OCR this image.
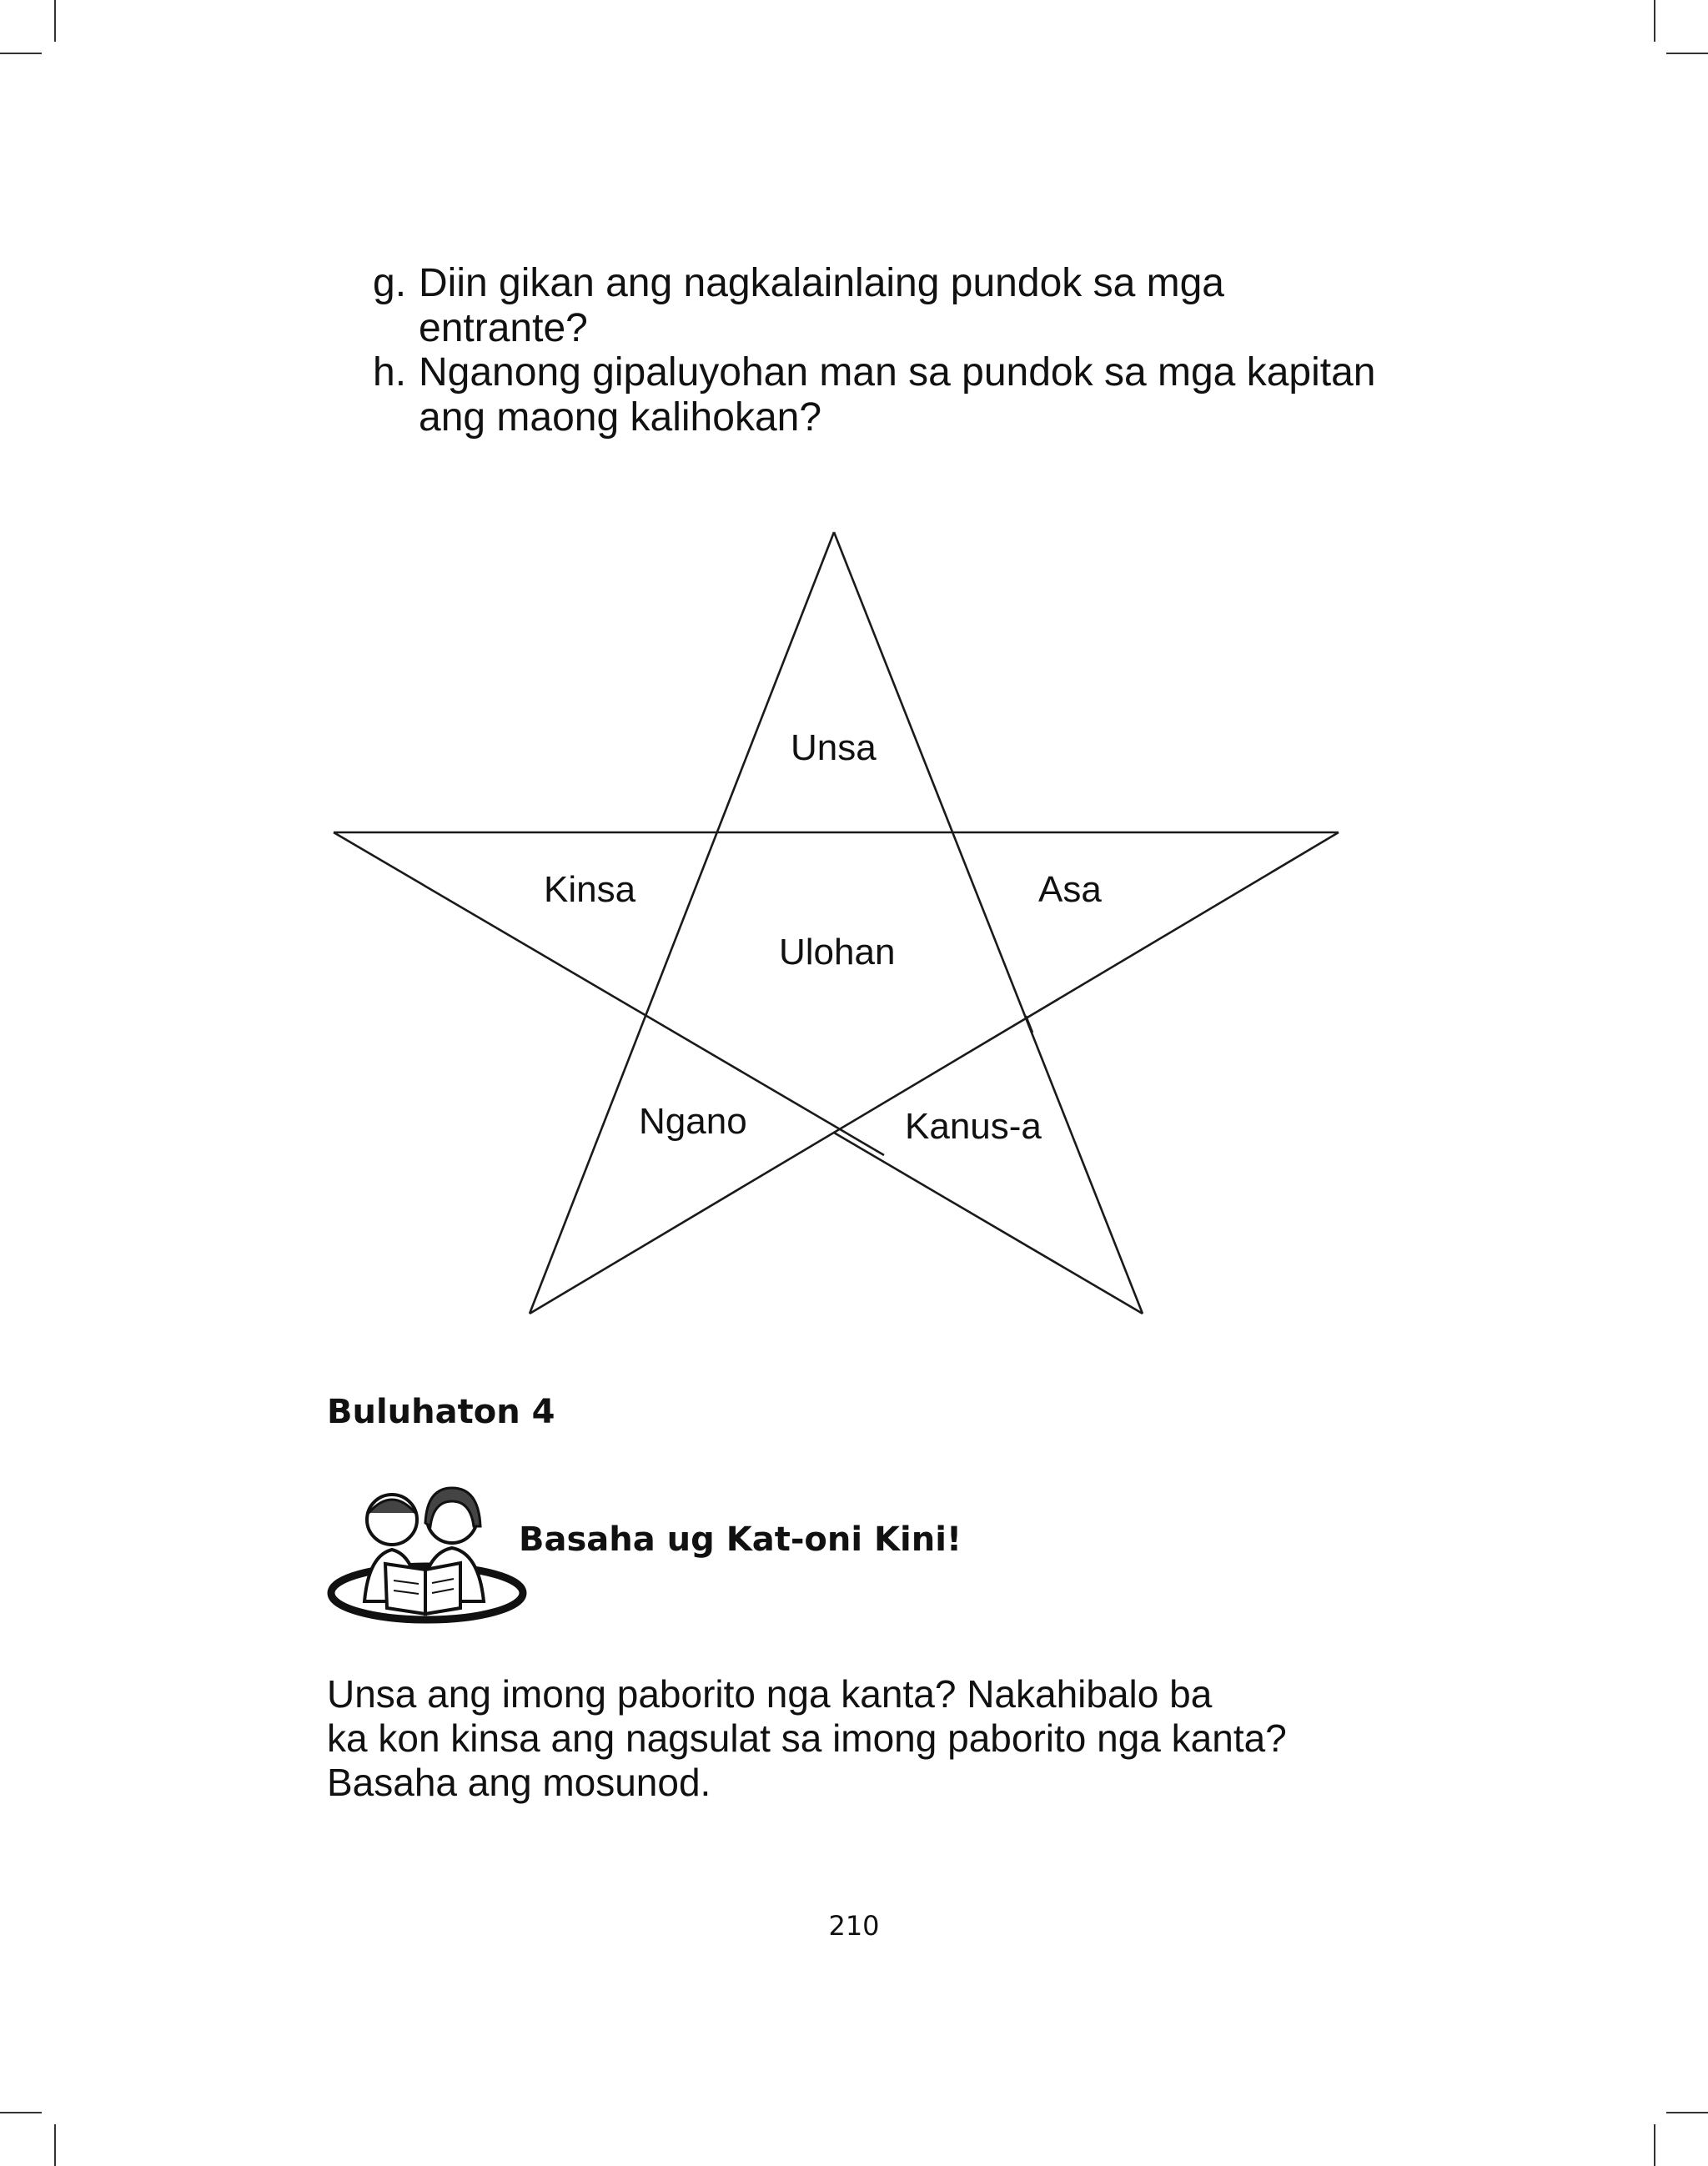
g. Diin gikan ang nagkalainlaing pundok sa mga
entrante?
h. Nganong gipaluyohan man sa pundok sa mga kapitan
ang maong kalihokan?
Unsa
Kinsa	Asa
Ulohan
Ngano	Kanus-a
Buluhaton 4
Basaha ug Kat-oni Kini!
Unsa ang imong paborito nga kanta? Nakahibalo ba
ka kon kinsa ang nagsulat sa imong paborito nga kanta?
Basaha ang mosunod.
210
